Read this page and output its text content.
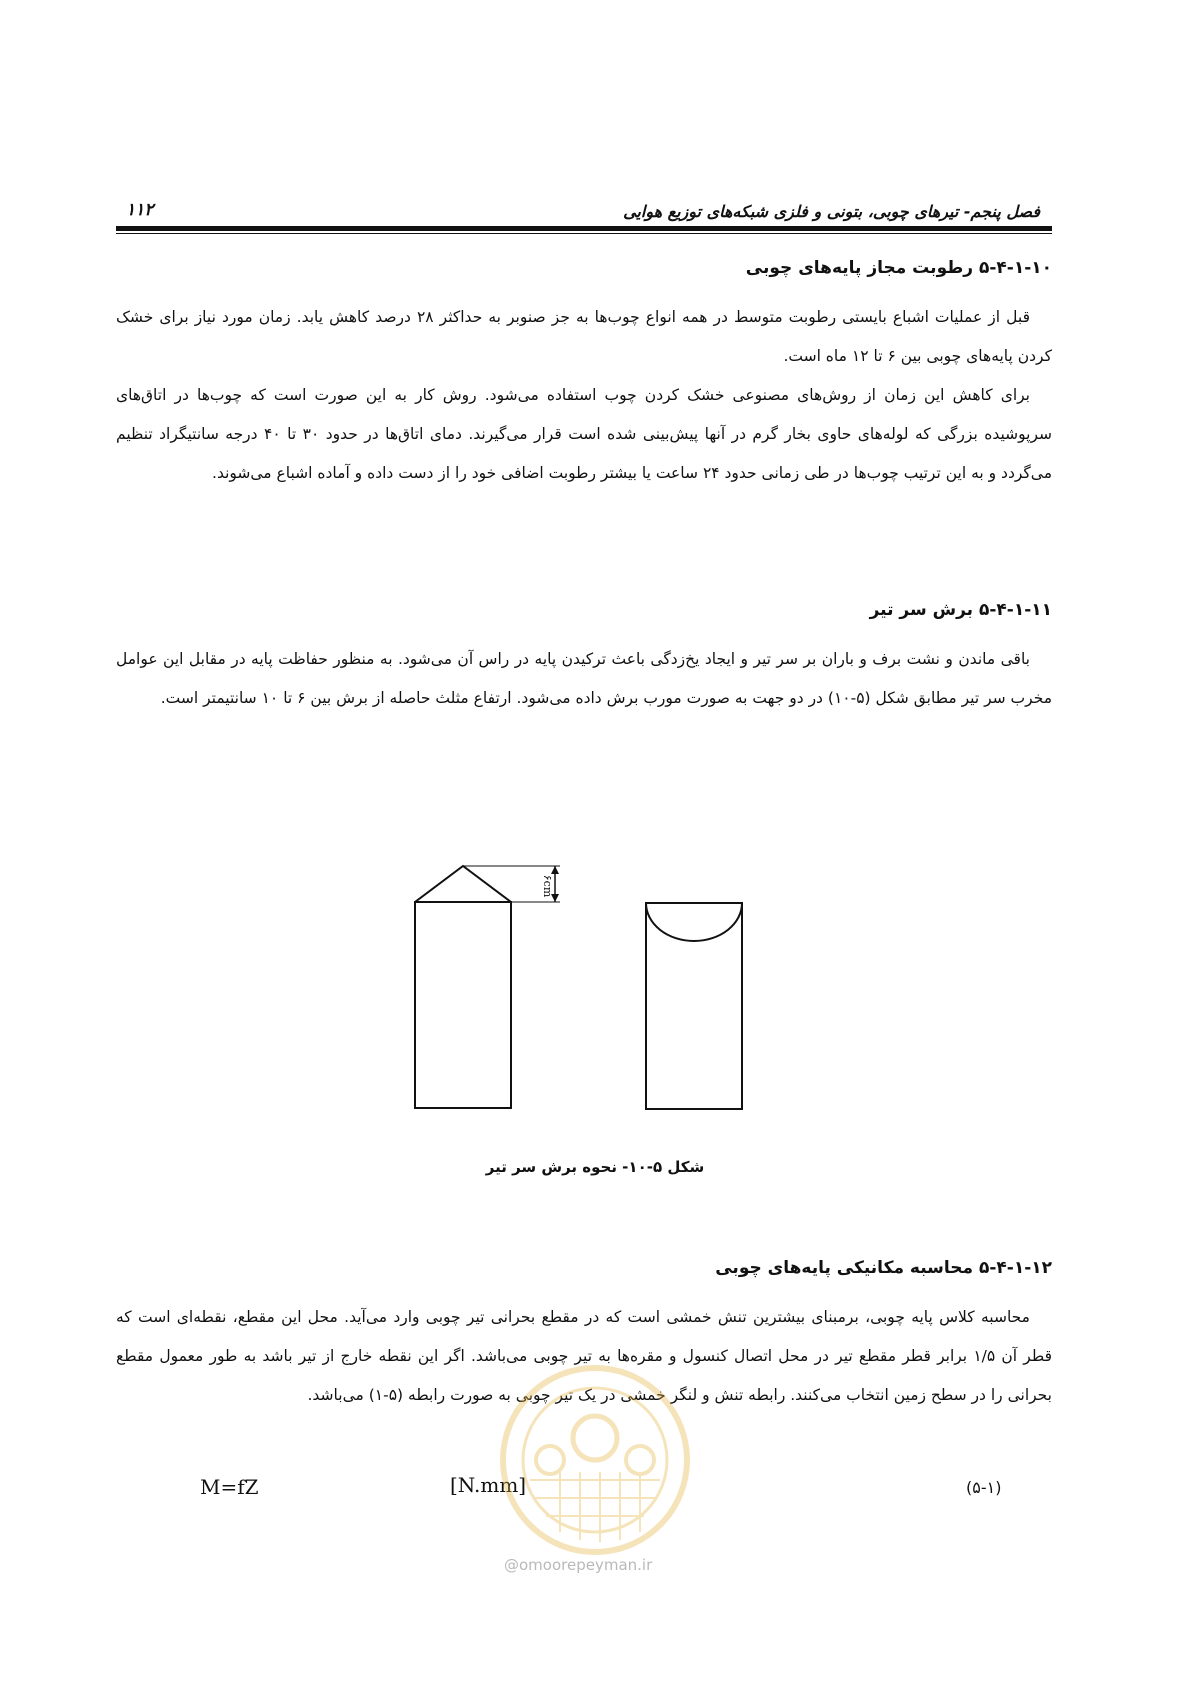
فصل پنجم- تیرهای چوبی، بتونی و فلزی شبکه‌های توزیع هوایی
۱۱۲
۵-۴-۱-۱۰ رطوبت مجاز پایه‌های چوبی

قبل از عملیات اشباع بایستی رطوبت متوسط در همه انواع چوب‌ها به جز صنوبر به حداکثر ۲۸ درصد کاهش یابد. زمان مورد نیاز برای خشک کردن پایه‌های چوبی بین ۶ تا ۱۲ ماه است.

برای کاهش این زمان از روش‌های مصنوعی خشک کردن چوب استفاده می‌شود. روش کار به این صورت است که چوب‌ها در اتاق‌های سرپوشیده بزرگی که لوله‌های حاوی بخار گرم در آنها پیش‌بینی شده است قرار می‌گیرند. دمای اتاق‌ها در حدود ۳۰ تا ۴۰ درجه سانتیگراد تنظیم می‌گردد و به این ترتیب چوب‌ها در طی زمانی حدود ۲۴ ساعت یا بیشتر رطوبت اضافی خود را از دست داده و آماده اشباع می‌شوند.

۵-۴-۱-۱۱ برش سر تیر

باقی ماندن و نشت برف و باران بر سر تیر و ایجاد یخ‌زدگی باعث ترکیدن پایه در راس آن می‌شود. به منظور حفاظت پایه در مقابل این عوامل مخرب سر تیر مطابق شکل (۵-۱۰) در دو جهت به صورت مورب برش داده می‌شود. ارتفاع مثلث حاصله از برش بین ۶ تا ۱۰ سانتیمتر است.

۶cm
شکل ۵-۱۰- نحوه برش سر تیر
۵-۴-۱-۱۲ محاسبه مکانیکی پایه‌های چوبی

محاسبه کلاس پایه چوبی، برمبنای بیشترین تنش خمشی است که در مقطع بحرانی تیر چوبی وارد می‌آید. محل این مقطع، نقطه‌ای است که قطر آن ۱/۵ برابر قطر مقطع تیر در محل اتصال کنسول و مقره‌ها به تیر چوبی می‌باشد. اگر این نقطه خارج از تیر باشد به طور معمول مقطع بحرانی را در سطح زمین انتخاب می‌کنند. رابطه تنش و لنگر خمشی در یک تیر چوبی به صورت رابطه (۵-۱) می‌باشد.

M=fZ	[N.mm]	(۵-۱)
@omoorepeyman.ir
